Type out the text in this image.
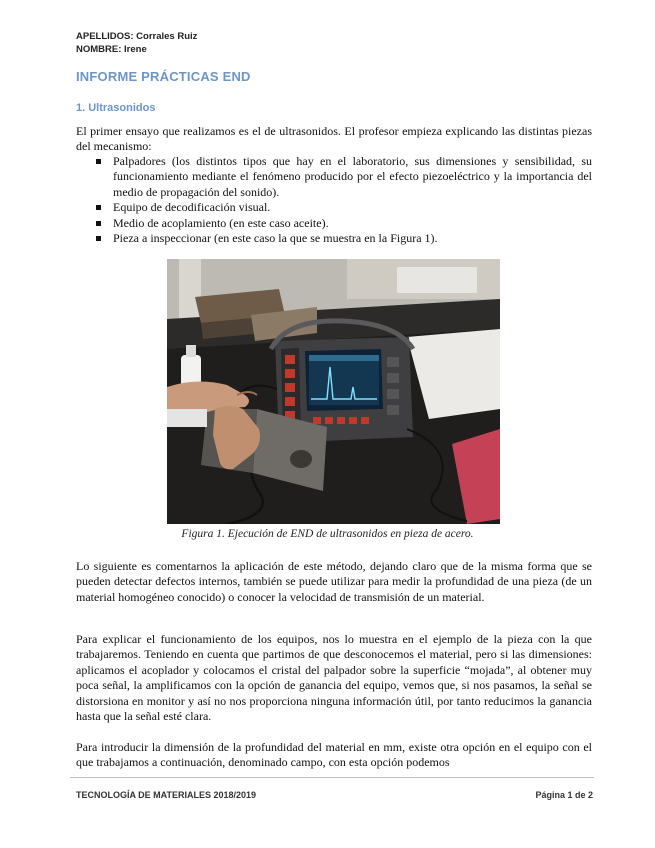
APELLIDOS: Corrales Ruiz
NOMBRE: Irene
INFORME PRÁCTICAS END
1. Ultrasonidos
El primer ensayo que realizamos es el de ultrasonidos. El profesor empieza explicando las distintas piezas del mecanismo:
Palpadores (los distintos tipos que hay en el laboratorio, sus dimensiones y sensibilidad, su funcionamiento mediante el fenómeno producido por el efecto piezoeléctrico y la importancia del medio de propagación del sonido).
Equipo de decodificación visual.
Medio de acoplamiento (en este caso aceite).
Pieza a inspeccionar (en este caso la que se muestra en la Figura 1).
Figura 1. Ejecución de END de ultrasonidos en pieza de acero.
Lo siguiente es comentarnos la aplicación de este método, dejando claro que de la misma forma que se pueden detectar defectos internos, también se puede utilizar para medir la profundidad de una pieza (de un material homogéneo conocido) o conocer la velocidad de transmisión de un material.
Para explicar el funcionamiento de los equipos, nos lo muestra en el ejemplo de la pieza con la que trabajaremos. Teniendo en cuenta que partimos de que desconocemos el material, pero si las dimensiones: aplicamos el acoplador y colocamos el cristal del palpador sobre la superficie “mojada”, al obtener muy poca señal, la amplificamos con la opción de ganancia del equipo, vemos que, si nos pasamos, la señal se distorsiona en monitor y así no nos proporciona ninguna información útil, por tanto reducimos la ganancia hasta que la señal esté clara.
Para introducir la dimensión de la profundidad del material en mm, existe otra opción en el equipo con el que trabajamos a continuación, denominado campo, con esta opción podemos
TECNOLOGÍA DE MATERIALES 2018/2019	Página 1 de 2
